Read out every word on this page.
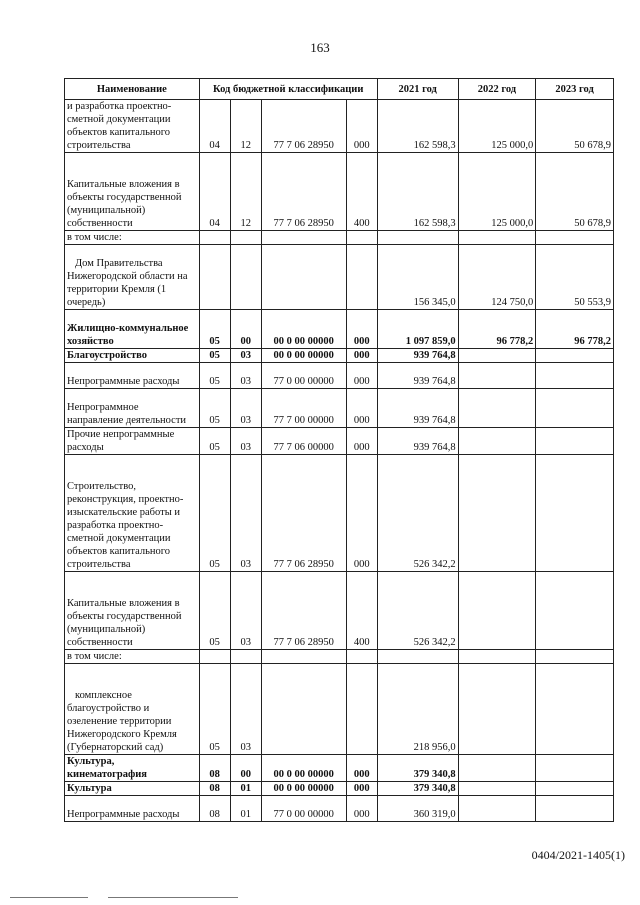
163
Наименование	Код бюджетной классификации				2021 год	2022 год	2023 год
и разработка проектно-сметной документации объектов капитального строительства	04	12	77 7 06 28950	000	162 598,3	125 000,0	50 678,9
Капитальные вложения в объекты государственной (муниципальной) собственности	04	12	77 7 06 28950	400	162 598,3	125 000,0	50 678,9
в том числе:							
Дом Правительства Нижегородской области на территории Кремля (1 очередь)					156 345,0	124 750,0	50 553,9
Жилищно-коммунальное хозяйство	05	00	00 0 00 00000	000	1 097 859,0	96 778,2	96 778,2
Благоустройство	05	03	00 0 00 00000	000	939 764,8		
Непрограммные расходы	05	03	77 0 00 00000	000	939 764,8		
Непрограммное направление деятельности	05	03	77 7 00 00000	000	939 764,8		
Прочие непрограммные расходы	05	03	77 7 06 00000	000	939 764,8		
Строительство, реконструкция, проектно-изыскательские работы и разработка проектно-сметной документации объектов капитального строительства	05	03	77 7 06 28950	000	526 342,2		
Капитальные вложения в объекты государственной (муниципальной) собственности	05	03	77 7 06 28950	400	526 342,2		
в том числе:							
комплексное благоустройство и озеленение территории Нижегородского Кремля (Губернаторский сад)	05	03			218 956,0		
Культура, кинематография	08	00	00 0 00 00000	000	379 340,8		
Культура	08	01	00 0 00 00000	000	379 340,8		
Непрограммные расходы	08	01	77 0 00 00000	000	360 319,0		
0404/2021-1405(1)
